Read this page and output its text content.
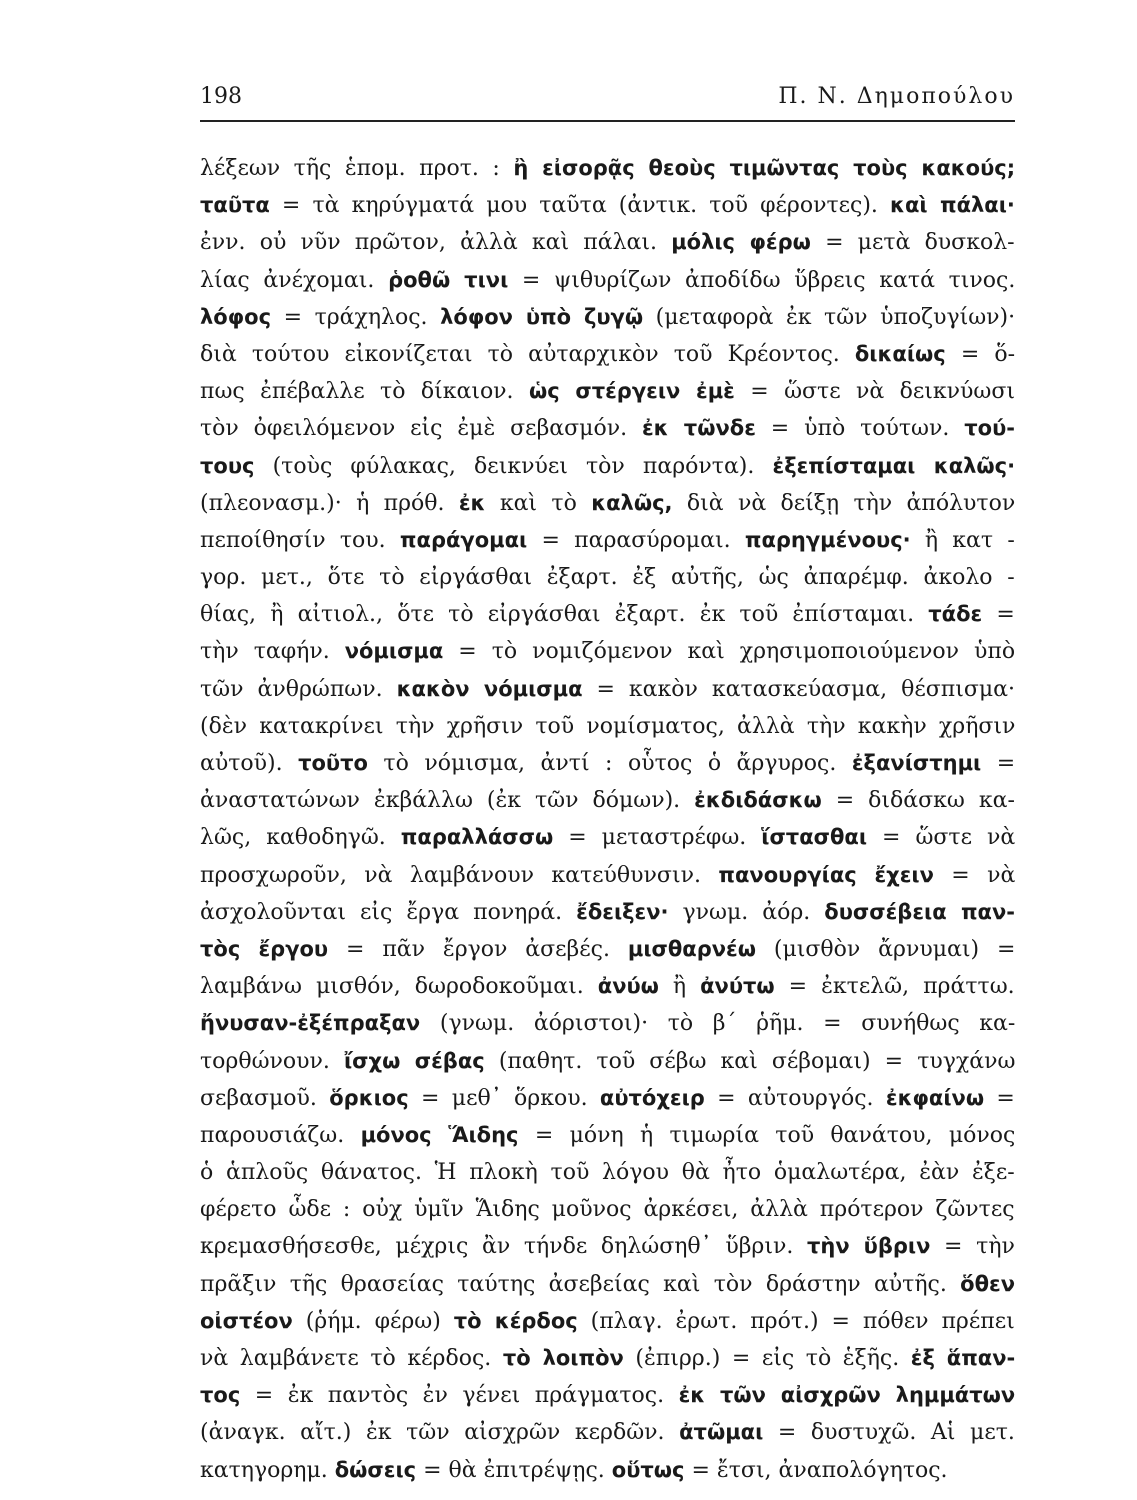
198	Π. Ν. Δημοπούλου
λέξεων τῆς ἑπομ. προτ. : ἢ εἰσορᾷς θεοὺς τιμῶντας τοὺς κακούς;
ταῦτα = τὰ κηρύγματά μου ταῦτα (ἀντικ. τοῦ φέροντες). καὶ πάλαι·
ἐνν. οὐ νῦν πρῶτον, ἀλλὰ καὶ πάλαι. μόλις φέρω = μετὰ δυσκολ-
λίας ἀνέχομαι. ῥοθῶ τινι = ψιθυρίζων ἀποδίδω ὕβρεις κατά τινος.
λόφος = τράχηλος. λόφον ὑπὸ ζυγῷ (μεταφορὰ ἐκ τῶν ὑποζυγίων)·
διὰ τούτου εἰκονίζεται τὸ αὐταρχικὸν τοῦ Κρέοντος. δικαίως = ὅ-
πως ἐπέβαλλε τὸ δίκαιον. ὡς στέργειν ἐμὲ = ὥστε νὰ δεικνύωσι
τὸν ὀφειλόμενον εἰς ἐμὲ σεβασμόν. ἐκ τῶνδε = ὑπὸ τούτων. τού-
τους (τοὺς φύλακας, δεικνύει τὸν παρόντα). ἐξεπίσταμαι καλῶς·
(πλεονασμ.)· ἡ πρόθ. ἐκ καὶ τὸ καλῶς, διὰ νὰ δείξῃ τὴν ἀπόλυτον
πεποίθησίν του. παράγομαι = παρασύρομαι. παρηγμένους· ἢ κατ -
γορ. μετ., ὅτε τὸ εἰργάσθαι ἐξαρτ. ἐξ αὐτῆς, ὡς ἀπαρέμφ. ἀκολο -
θίας, ἢ αἰτιολ., ὅτε τὸ εἰργάσθαι ἐξαρτ. ἐκ τοῦ ἐπίσταμαι. τάδε =
τὴν ταφήν. νόμισμα = τὸ νομιζόμενον καὶ χρησιμοποιούμενον ὑπὸ
τῶν ἀνθρώπων. κακὸν νόμισμα = κακὸν κατασκεύασμα, θέσπισμα·
(δὲν κατακρίνει τὴν χρῆσιν τοῦ νομίσματος, ἀλλὰ τὴν κακὴν χρῆσιν
αὐτοῦ). τοῦτο τὸ νόμισμα, ἀντί : οὗτος ὁ ἄργυρος. ἐξανίστημι =
ἀναστατώνων ἐκβάλλω (ἐκ τῶν δόμων). ἐκδιδάσκω = διδάσκω κα-
λῶς, καθοδηγῶ. παραλλάσσω = μεταστρέφω. ἵστασθαι = ὥστε νὰ
προσχωροῦν, νὰ λαμβάνουν κατεύθυνσιν. πανουργίας ἔχειν = νὰ
ἀσχολοῦνται εἰς ἔργα πονηρά. ἔδειξεν· γνωμ. ἀόρ. δυσσέβεια παν-
τὸς ἔργου = πᾶν ἔργον ἀσεβές. μισθαρνέω (μισθὸν ἄρνυμαι) =
λαμβάνω μισθόν, δωροδοκοῦμαι. ἀνύω ἢ ἀνύτω = ἐκτελῶ, πράττω.
ἤνυσαν-ἐξέπραξαν (γνωμ. ἀόριστοι)· τὸ β΄ ῥῆμ. = συνήθως κα-
τορθώνουν. ἴσχω σέβας (παθητ. τοῦ σέβω καὶ σέβομαι) = τυγχάνω
σεβασμοῦ. ὅρκιος = μεθ᾽ ὅρκου. αὐτόχειρ = αὐτουργός. ἐκφαίνω =
παρουσιάζω. μόνος Ἅιδης = μόνη ἡ τιμωρία τοῦ θανάτου, μόνος
ὁ ἁπλοῦς θάνατος. Ἡ πλοκὴ τοῦ λόγου θὰ ἦτο ὁμαλωτέρα, ἐὰν ἐξε-
φέρετο ὧδε : οὐχ ὑμῖν Ἅιδης μοῦνος ἀρκέσει, ἀλλὰ πρότερον ζῶντες
κρεμασθήσεσθε, μέχρις ἂν τήνδε δηλώσηθ᾽ ὕβριν. τὴν ὕβριν = τὴν
πρᾶξιν τῆς θρασείας ταύτης ἀσεβείας καὶ τὸν δράστην αὐτῆς. ὅθεν
οἰστέον (ῥήμ. φέρω) τὸ κέρδος (πλαγ. ἐρωτ. πρότ.) = πόθεν πρέπει
νὰ λαμβάνετε τὸ κέρδος. τὸ λοιπὸν (ἐπιρρ.) = εἰς τὸ ἑξῆς. ἐξ ἅπαν-
τος = ἐκ παντὸς ἐν γένει πράγματος. ἐκ τῶν αἰσχρῶν λημμάτων
(ἀναγκ. αἴτ.) ἐκ τῶν αἰσχρῶν κερδῶν. ἀτῶμαι = δυστυχῶ. Αἱ μετ.
κατηγορημ. δώσεις = θὰ ἐπιτρέψῃς. οὕτως = ἔτσι, ἀναπολόγητος.
